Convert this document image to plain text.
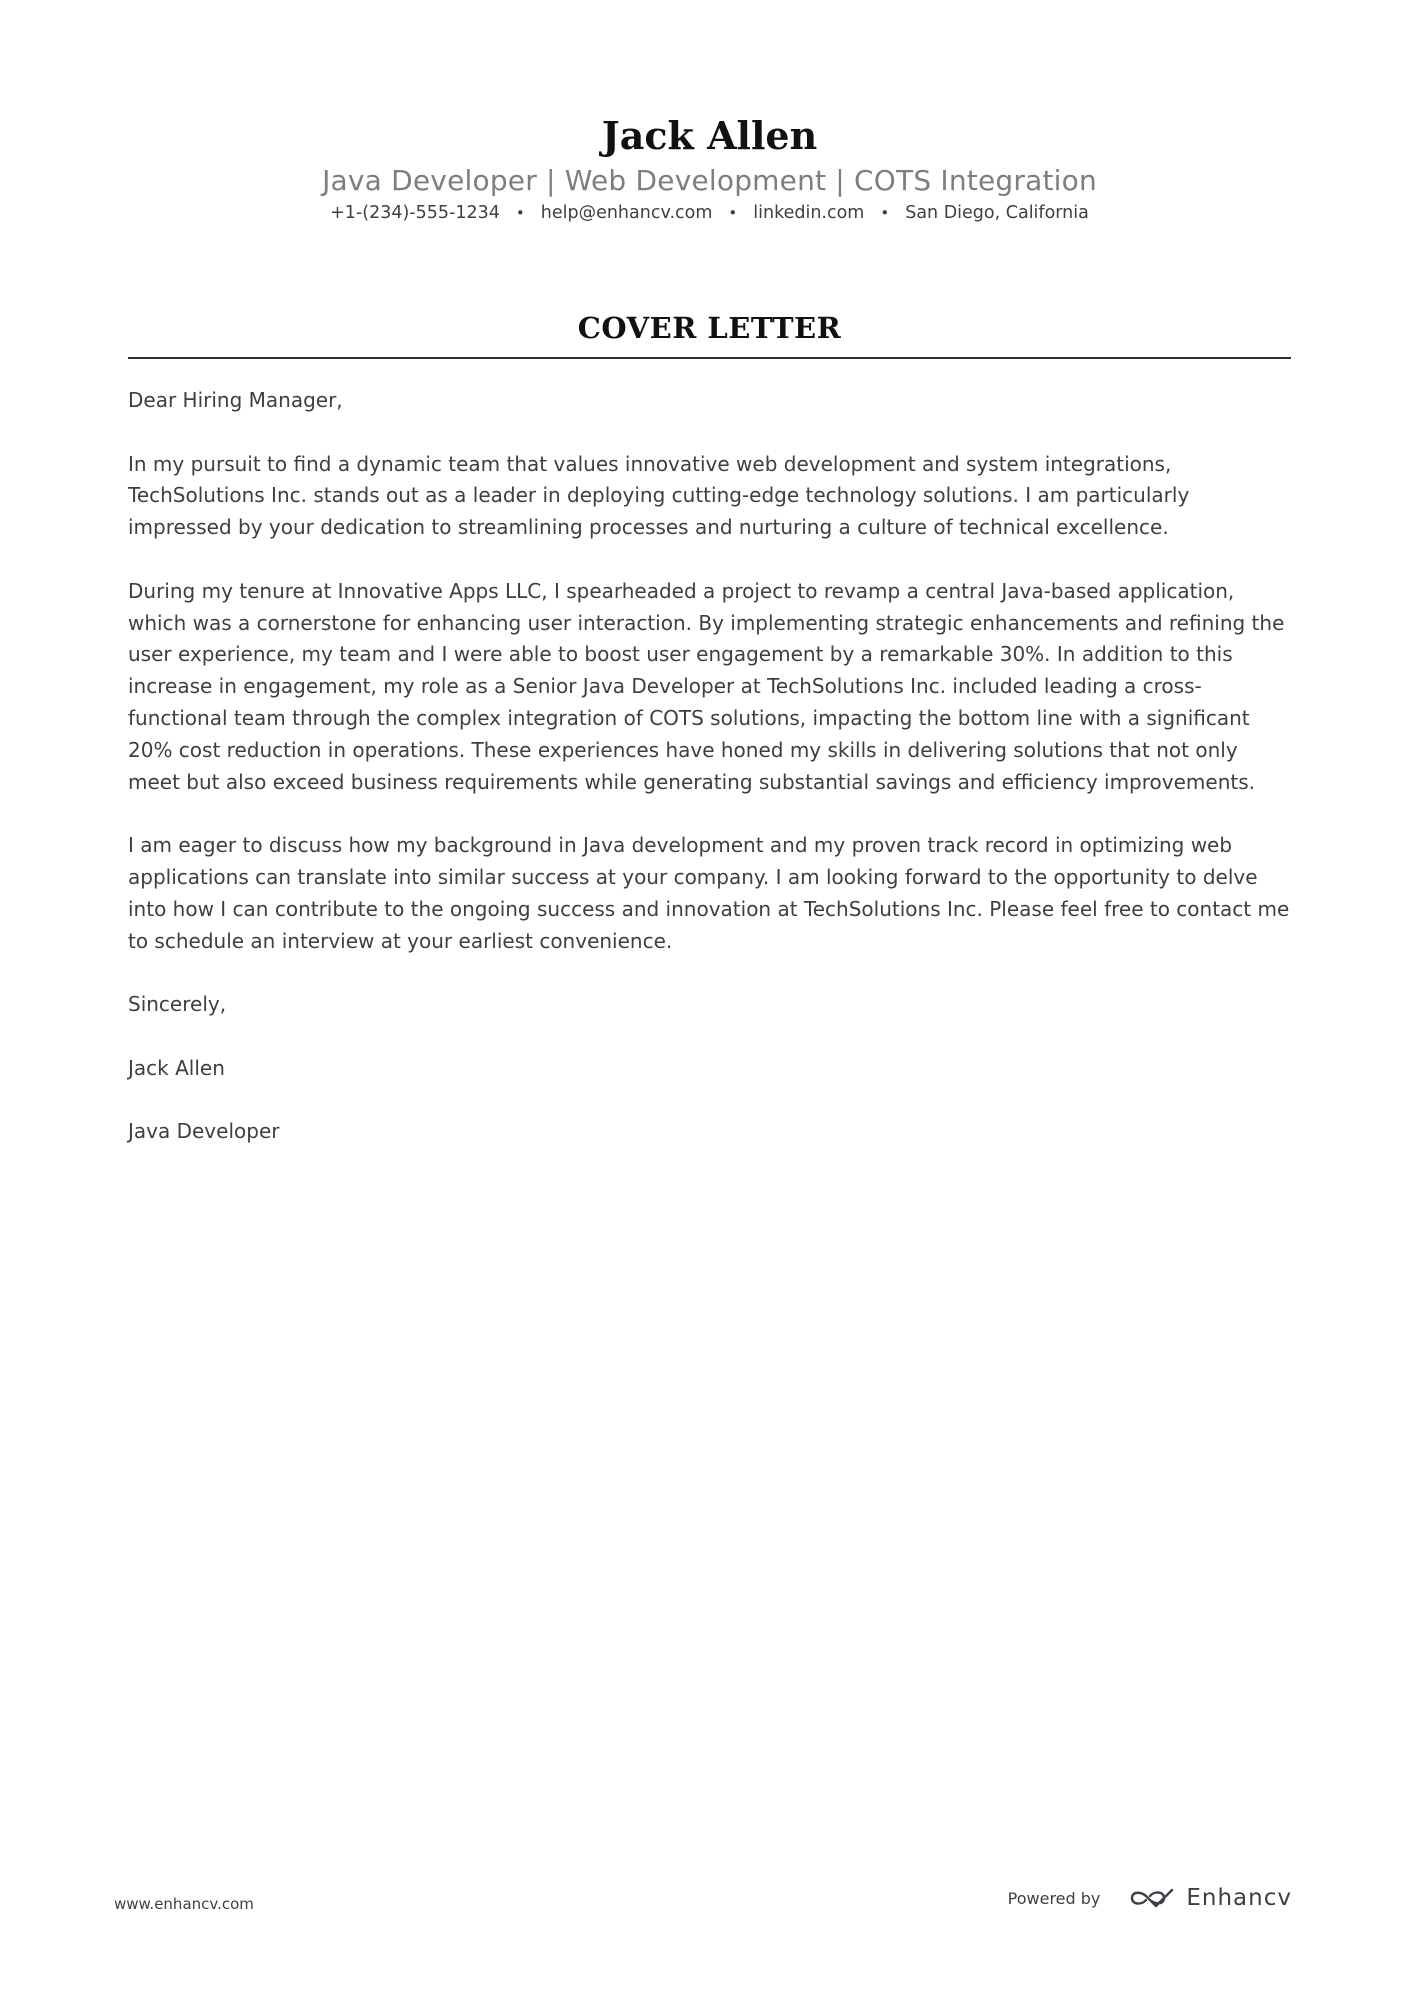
Jack Allen

Java Developer | Web Development | COTS Integration

+1-(234)-555-1234 • help@enhancv.com • linkedin.com • San Diego, California

COVER LETTER

Dear Hiring Manager,

In my pursuit to find a dynamic team that values innovative web development and system integrations, TechSolutions Inc. stands out as a leader in deploying cutting-edge technology solutions. I am particularly impressed by your dedication to streamlining processes and nurturing a culture of technical excellence.

During my tenure at Innovative Apps LLC, I spearheaded a project to revamp a central Java-based application, which was a cornerstone for enhancing user interaction. By implementing strategic enhancements and refining the user experience, my team and I were able to boost user engagement by a remarkable 30%. In addition to this increase in engagement, my role as a Senior Java Developer at TechSolutions Inc. included leading a cross-functional team through the complex integration of COTS solutions, impacting the bottom line with a significant 20% cost reduction in operations. These experiences have honed my skills in delivering solutions that not only meet but also exceed business requirements while generating substantial savings and efficiency improvements.

I am eager to discuss how my background in Java development and my proven track record in optimizing web applications can translate into similar success at your company. I am looking forward to the opportunity to delve into how I can contribute to the ongoing success and innovation at TechSolutions Inc. Please feel free to contact me to schedule an interview at your earliest convenience.

Sincerely,

Jack Allen

Java Developer

www.enhancv.com	Powered by	Enhancv
